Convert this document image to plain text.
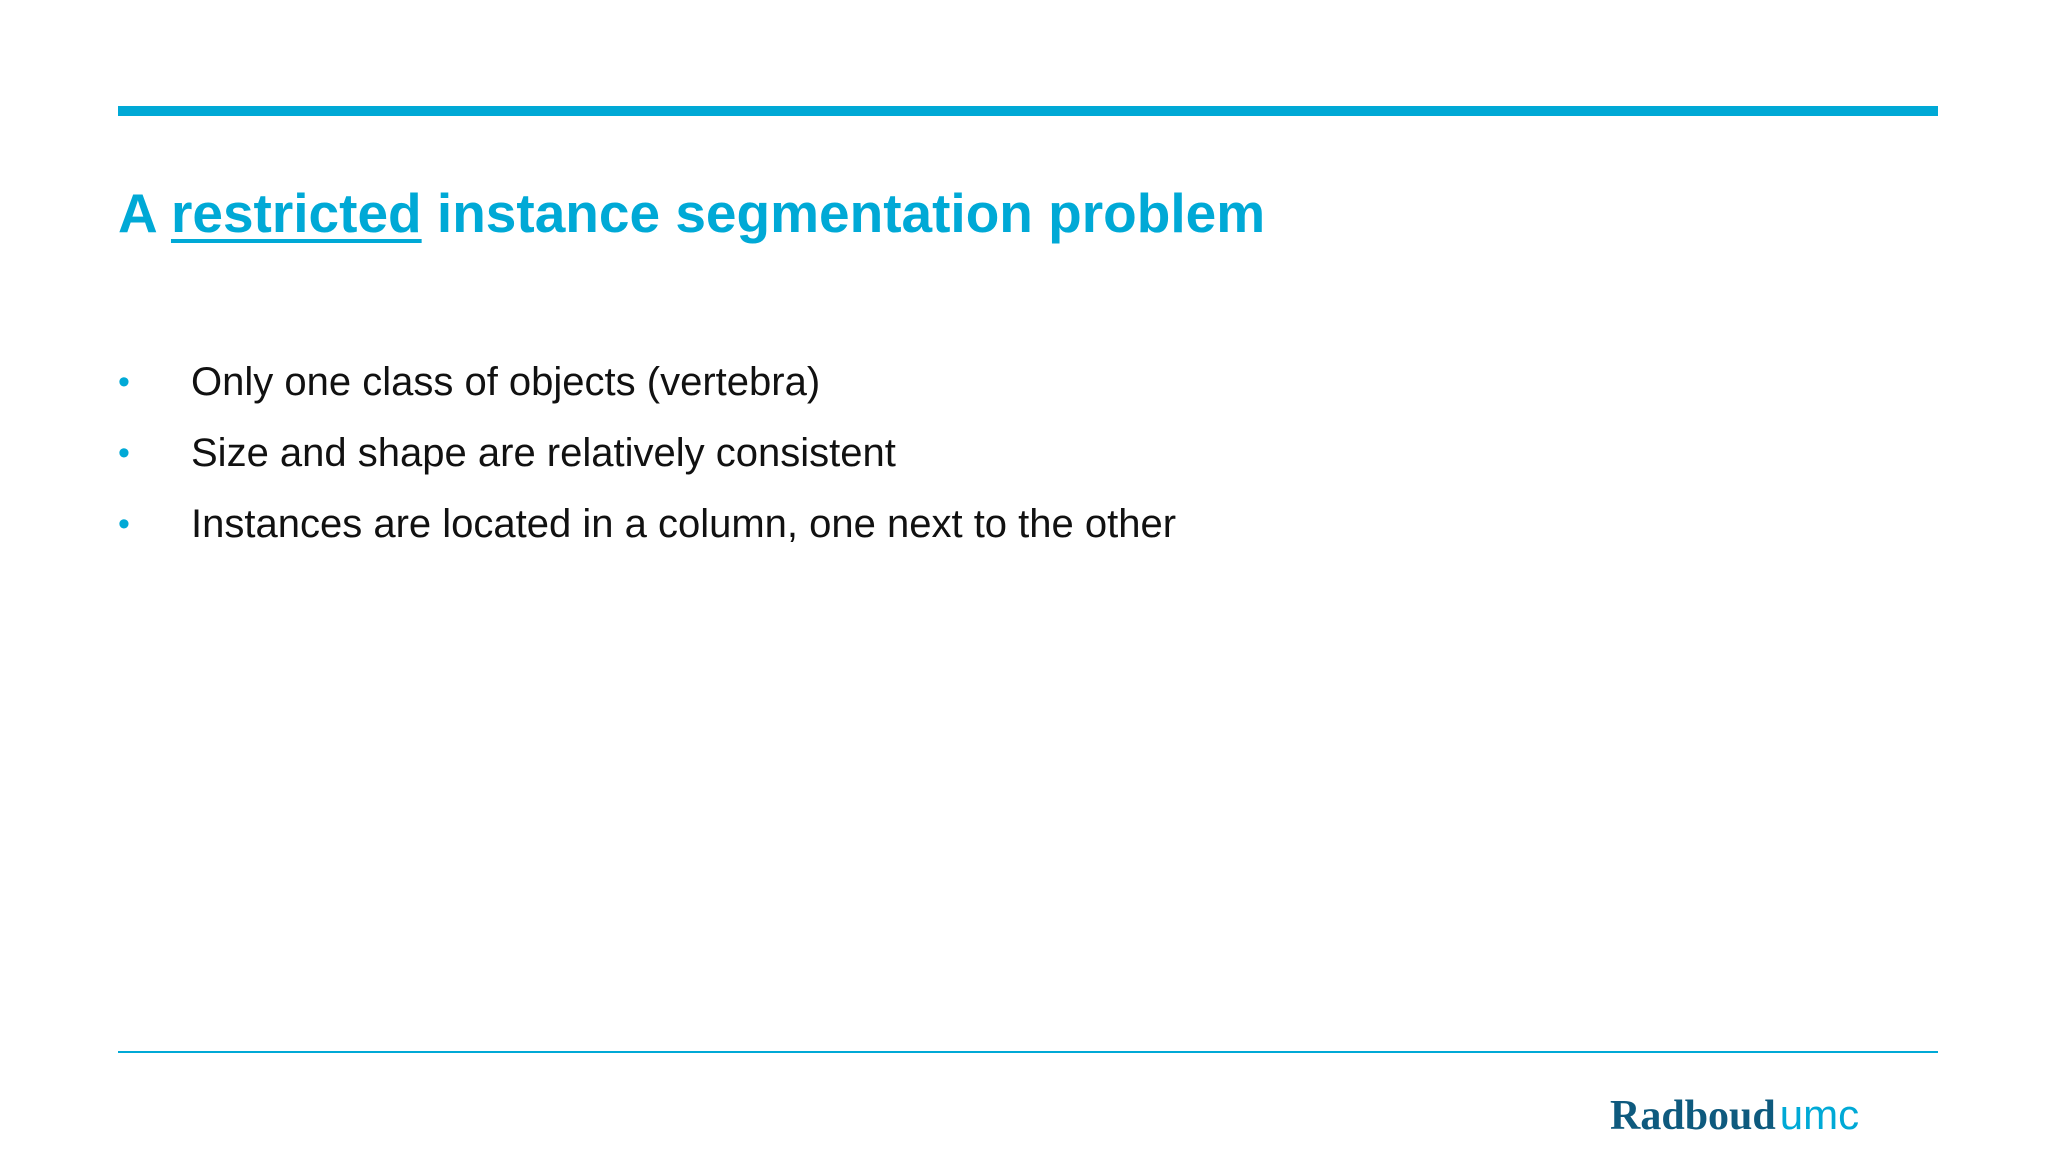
A restricted instance segmentation problem
• Only one class of objects (vertebra)
• Size and shape are relatively consistent
• Instances are located in a column, one next to the other
Radboudumc
